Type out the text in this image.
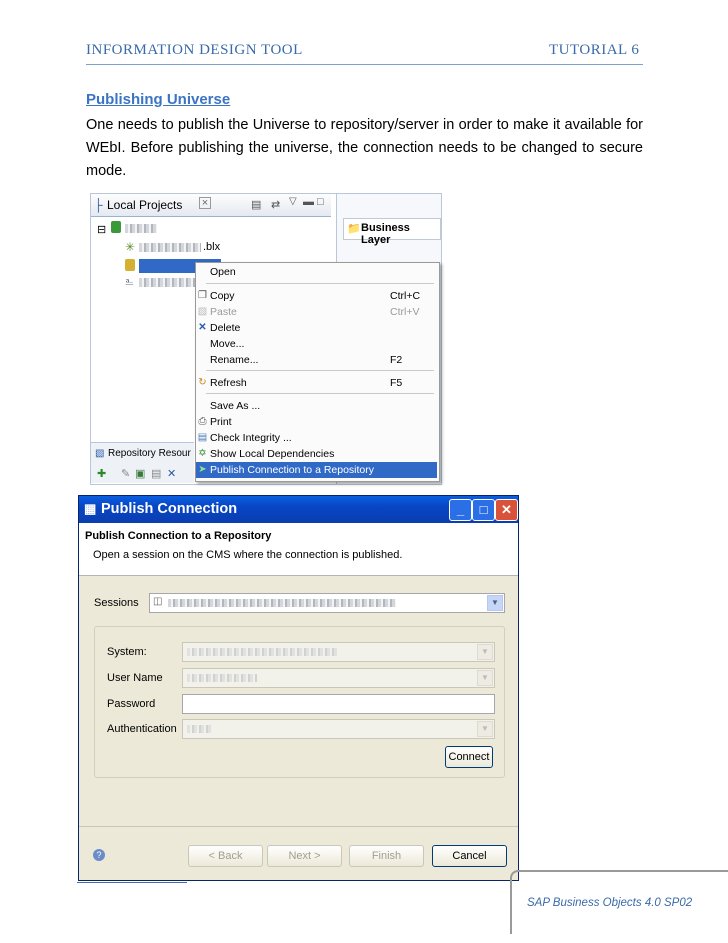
INFORMATION DESIGN TOOL	TUTORIAL 6
Publishing Universe
One needs to publish the Universe to repository/server in order to make it available for WEbI. Before publishing the universe, the connection needs to be changed to secure mode.
├ Local Projects ×	▤ ⇄ ▽ ▬ □
⊟
✳	.blx
⎁
📁 Business Layer
▧ Repository Resour
✚ ✎ ▣ ▤ ✕
Open
❐ Copy	Ctrl+C
▧ Paste	Ctrl+V
✕ Delete
Move...
Rename...	F2
↻ Refresh	F5
Save As ...
⎙ Print
▤ Check Integrity ...
✡ Show Local Dependencies
➤ Publish Connection to a Repository
▦ Publish Connection	_	□	✕
Publish Connection to a Repository
Open a session on the CMS where the connection is published.
Sessions ◫	▼
System:	▼
User Name	▼
Password
Authentication	▼
Connect
?	< Back	Next >	Finish	Cancel
SAP Business Objects 4.0 SP02
